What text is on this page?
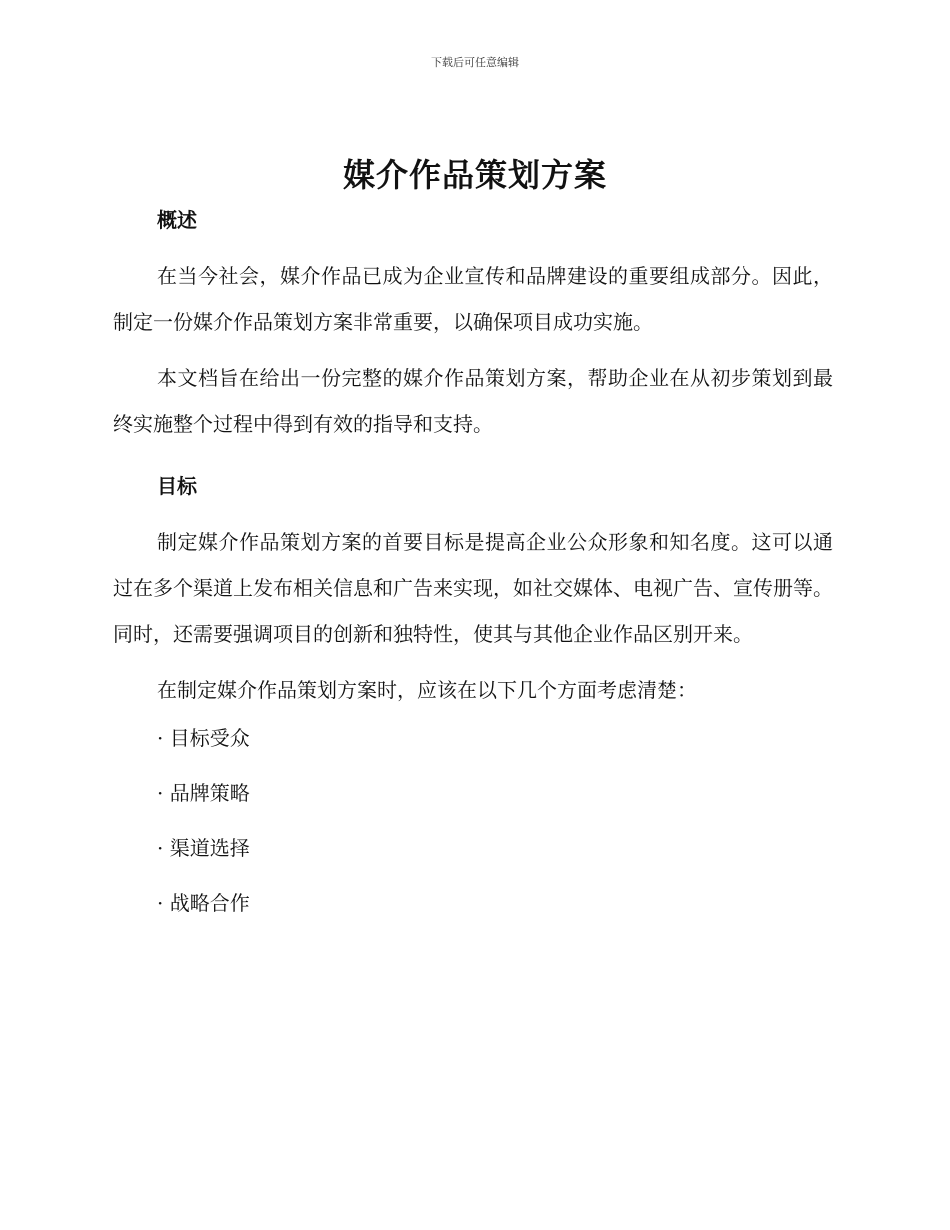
下载后可任意编辑
媒介作品策划方案
概述

在当今社会，媒介作品已成为企业宣传和品牌建设的重要组成部分。因此，制定一份媒介作品策划方案非常重要，以确保项目成功实施。

本文档旨在给出一份完整的媒介作品策划方案，帮助企业在从初步策划到最终实施整个过程中得到有效的指导和支持。

目标

制定媒介作品策划方案的首要目标是提高企业公众形象和知名度。这可以通过在多个渠道上发布相关信息和广告来实现，如社交媒体、电视广告、宣传册等。同时，还需要强调项目的创新和独特性，使其与其他企业作品区别开来。

在制定媒介作品策划方案时，应该在以下几个方面考虑清楚：

· 目标受众
· 品牌策略
· 渠道选择
· 战略合作
